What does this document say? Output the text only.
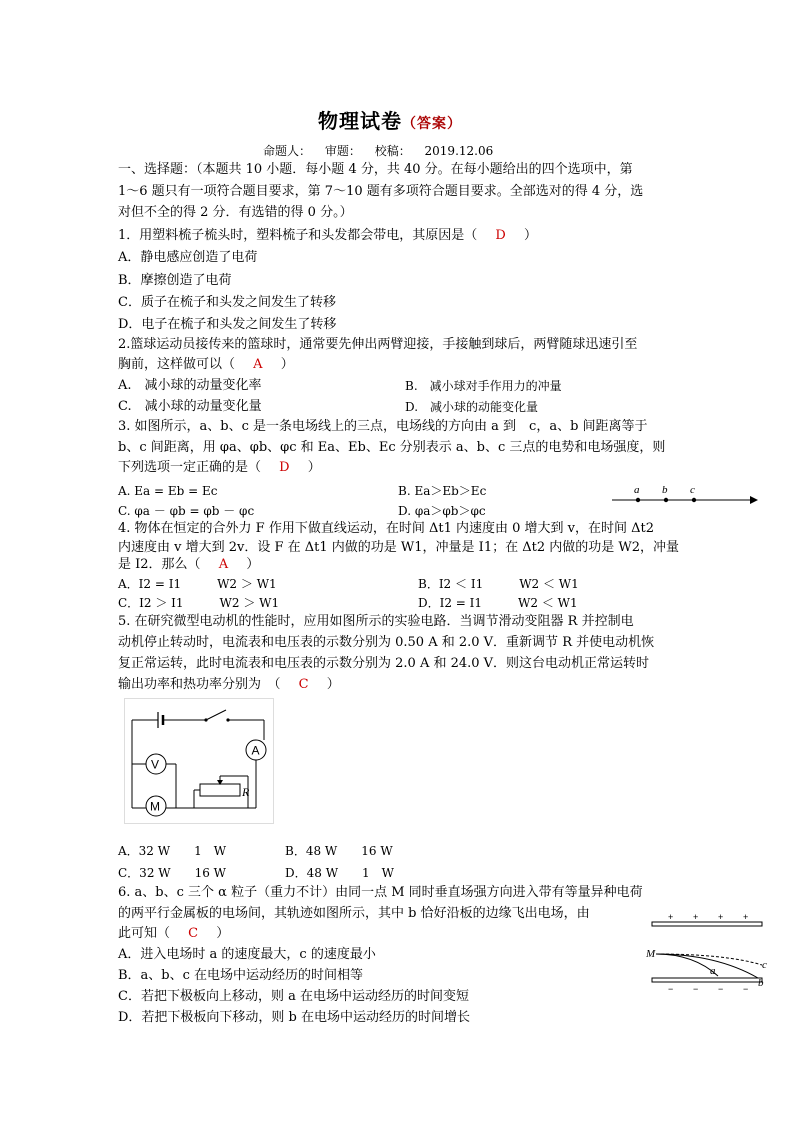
物理试卷（答案）
命题人： 审题： 校稿： 2019.12.06
一、选择题：（本题共 10 小题．每小题 4 分，共 40 分。在每小题给出的四个选项中，第
1～6 题只有一项符合题目要求，第 7～10 题有多项符合题目要求。全部选对的得 4 分，选
对但不全的得 2 分．有选错的得 0 分。）
1．用塑料梳子梳头时，塑料梳子和头发都会带电，其原因是（ D ）
A．静电感应创造了电荷
B．摩擦创造了电荷
C．质子在梳子和头发之间发生了转移
D．电子在梳子和头发之间发生了转移
2.篮球运动员接传来的篮球时，通常要先伸出两臂迎接，手接触到球后，两臂随球迅速引至
胸前，这样做可以（ A ）
A.　减小球的动量变化率	B.　减小球对手作用力的冲量
C.　减小球的动量变化量	D.　减小球的动能变化量
3. 如图所示，a、b、c 是一条电场线上的三点，电场线的方向由 a 到　c，a、b 间距离等于
b、c 间距离，用 φa、φb、φc 和 Ea、Eb、Ec 分别表示 a、b、c 三点的电势和电场强度，则
下列选项一定正确的是（ D ）
A. Ea = Eb = Ec	B. Ea＞Eb＞Ec
C. φa － φb = φb － φc	D. φa＞φb＞φc
a b c
4. 物体在恒定的合外力 F 作用下做直线运动，在时间 Δt1 内速度由 0 增大到 v，在时间 Δt2
内速度由 v 增大到 2v．设 F 在 Δt1 内做的功是 W1，冲量是 I1；在 Δt2 内做的功是 W2，冲量
是 I2．那么（ A ）
A．I2 = I1　　　W2 ＞ W1	B．I2 ＜ I1　　　W2 ＜ W1
C．I2 ＞ I1　　　W2 ＞ W1	D．I2 = I1　　　W2 ＜ W1
5. 在研究微型电动机的性能时，应用如图所示的实验电路．当调节滑动变阻器 R 并控制电
动机停止转动时，电流表和电压表的示数分别为 0.50 A 和 2.0 V．重新调节 R 并使电动机恢
复正常运转，此时电流表和电压表的示数分别为 2.0 A 和 24.0 V．则这台电动机正常运转时
输出功率和热功率分别为　（ C ）
A
M
V
R
A．32 W　　1　W	B．48 W　　16 W
C．32 W　　16 W	D．48 W　　1　W
6. a、b、c 三个 α 粒子（重力不计）由同一点 M 同时垂直场强方向进入带有等量异种电荷
的两平行金属板的电场间，其轨迹如图所示，其中 b 恰好沿板的边缘飞出电场，由
此可知（ C ）
A．进入电场时 a 的速度最大，c 的速度最小
B．a、b、c 在电场中运动经历的时间相等
C．若把下极板向上移动，则 a 在电场中运动经历的时间变短
D．若把下极板向下移动，则 b 在电场中运动经历的时间增长
+ + + +
− − − −
M
a
b
c
